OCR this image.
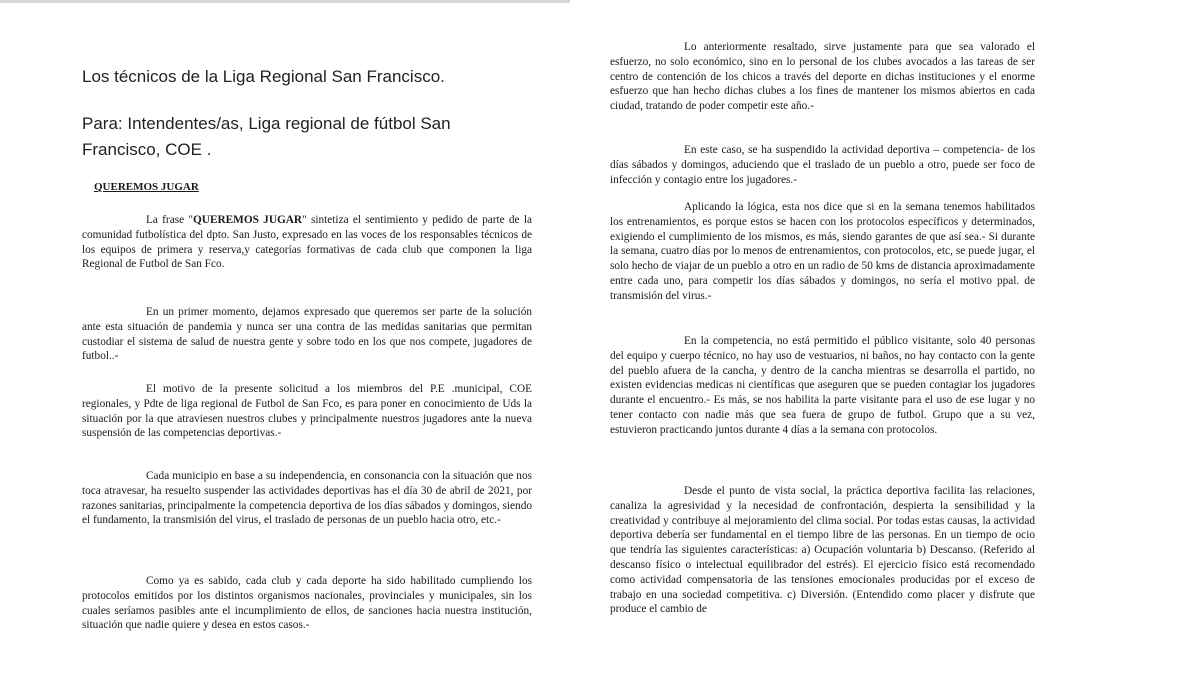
Los técnicos de la Liga Regional San Francisco.

Para: Intendentes/as, Liga regional de fútbol San Francisco, COE .

QUEREMOS JUGAR

La frase "QUEREMOS JUGAR" sintetiza el sentimiento y pedido de parte de la comunidad futbolística del dpto. San Justo, expresado en las voces de los responsables técnicos de los equipos de primera y reserva,y categorías formativas de cada club que componen la liga Regional de Futbol de San Fco.

En un primer momento, dejamos expresado que queremos ser parte de la solución ante esta situación de pandemia y nunca ser una contra de las medidas sanitarias que permitan custodiar el sistema de salud de nuestra gente y sobre todo en los que nos compete, jugadores de futbol..-

El motivo de la presente solicitud a los miembros del P.E .municipal, COE regionales, y Pdte de liga regional de Futbol de San Fco, es para poner en conocimiento de Uds la situación por la que atraviesen nuestros clubes y principalmente nuestros jugadores ante la nueva suspensión de las competencias deportivas.-

Cada municipio en base a su independencia, en consonancia con la situación que nos toca atravesar, ha resuelto suspender las actividades deportivas has el día 30 de abril de 2021, por razones sanitarias, principalmente la competencia deportiva de los días sábados y domingos, siendo el fundamento, la transmisión del virus, el traslado de personas de un pueblo hacia otro, etc.-

Como ya es sabido, cada club y cada deporte ha sido habilitado cumpliendo los protocolos emitidos por los distintos organismos nacionales, provinciales y municipales, sin los cuales seríamos pasibles ante el incumplimiento de ellos, de sanciones hacia nuestra institución, situación que nadie quiere y desea en estos casos.-

Lo anteriormente resaltado, sirve justamente para que sea valorado el esfuerzo, no solo económico, sino en lo personal de los clubes avocados a las tareas de ser centro de contención de los chicos a través del deporte en dichas instituciones y el enorme esfuerzo que han hecho dichas clubes a los fines de mantener los mismos abiertos en cada ciudad, tratando de poder competir este año.-

En este caso, se ha suspendido la actividad deportiva – competencia- de los días sábados y domingos, aduciendo que el traslado de un pueblo a otro, puede ser foco de infección y contagio entre los jugadores.-

Aplicando la lógica, esta nos dice que si en la semana tenemos habilitados los entrenamientos, es porque estos se hacen con los protocolos específicos y determinados, exigiendo el cumplimiento de los mismos, es más, siendo garantes de que así sea.- Si durante la semana, cuatro días por lo menos de entrenamientos, con protocolos, etc, se puede jugar, el solo hecho de viajar de un pueblo a otro en un radio de 50 kms de distancia aproximadamente entre cada uno, para competir los días sábados y domingos, no sería el motivo ppal. de transmisión del virus.-

En la competencia, no está permitido el público visitante, solo 40 personas del equipo y cuerpo técnico, no hay uso de vestuarios, ni baños, no hay contacto con la gente del pueblo afuera de la cancha, y dentro de la cancha mientras se desarrolla el partido, no existen evidencias medicas ni científicas que aseguren que se pueden contagiar los jugadores durante el encuentro.- Es más, se nos habilita la parte visitante para el uso de ese lugar y no tener contacto con nadie más que sea fuera de grupo de futbol. Grupo que a su vez, estuvieron practicando juntos durante 4 días a la semana con protocolos.

Desde el punto de vista social, la práctica deportiva facilita las relaciones, canaliza la agresividad y la necesidad de confrontación, despierta la sensibilidad y la creatividad y contribuye al mejoramiento del clima social. Por todas estas causas, la actividad deportiva debería ser fundamental en el tiempo libre de las personas. En un tiempo de ocio que tendría las siguientes características: a) Ocupación voluntaria b) Descanso. (Referido al descanso físico o intelectual equilibrador del estrés). El ejercicio físico está recomendado como actividad compensatoria de las tensiones emocionales producidas por el exceso de trabajo en una sociedad competitiva. c) Diversión. (Entendido como placer y disfrute que produce el cambio de
